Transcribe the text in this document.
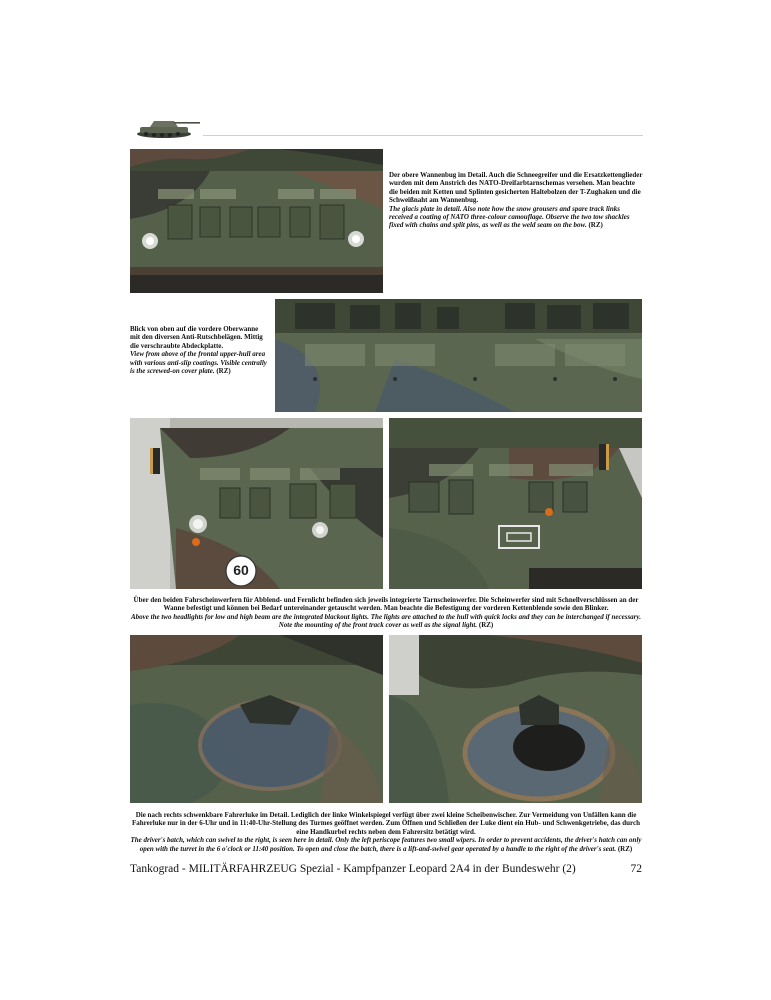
Der obere Wannenbug im Detail. Auch die Schneegreifer und die Ersatzkettenglieder wurden mit dem Anstrich des NATO-Dreifarbtarnschemas versehen. Man beachte die beiden mit Ketten und Splinten gesicherten Haltebolzen der T-Zughaken und die Schweißnaht am Wannenbug.
The glacis plate in detail. Also note how the snow grousers and spare track links received a coating of NATO three-colour camouflage. Observe the two tow shackles fixed with chains and split pins, as well as the weld seam on the bow. (RZ)
Blick von oben auf die vordere Oberwanne mit den diversen Anti-Rutschbelägen. Mittig die verschraubte Abdeckplatte.
View from above of the frontal upper-hull area with various anti-slip coatings. Visible centrally is the screwed-on cover plate. (RZ)
60
Über den beiden Fahrscheinwerfern für Abblend- und Fernlicht befinden sich jeweils integrierte Tarnscheinwerfer. Die Scheinwerfer sind mit Schnellverschlüssen an der Wanne befestigt und können bei Bedarf untereinander getauscht werden. Man beachte die Befestigung der vorderen Kettenblende sowie den Blinker.
Above the two headlights for low and high beam are the integrated blackout lights. The lights are attached to the hull with quick locks and they can be interchanged if necessary. Note the mounting of the front track cover as well as the signal light. (RZ)
Die nach rechts schwenkbare Fahrerluke im Detail. Lediglich der linke Winkelspiegel verfügt über zwei kleine Scheibenwischer. Zur Vermeidung von Unfällen kann die Fahrerluke nur in der 6-Uhr und in 11:40-Uhr-Stellung des Turmes geöffnet werden. Zum Öffnen und Schließen der Luke dient ein Hub- und Schwenkgetriebe, das durch eine Handkurbel rechts neben dem Fahrersitz betätigt wird.
The driver's batch, which can swivel to the right, is seen here in detail. Only the left periscope features two small wipers. In order to prevent accidents, the driver's hatch can only open with the turret in the 6 o'clock or 11:40 position. To open and close the batch, there is a lift-and-swivel gear operated by a handle to the right of the driver's seat. (RZ)
Tankograd - MILITÄRFAHRZEUG Spezial - Kampfpanzer Leopard 2A4 in der Bundeswehr (2)	72
